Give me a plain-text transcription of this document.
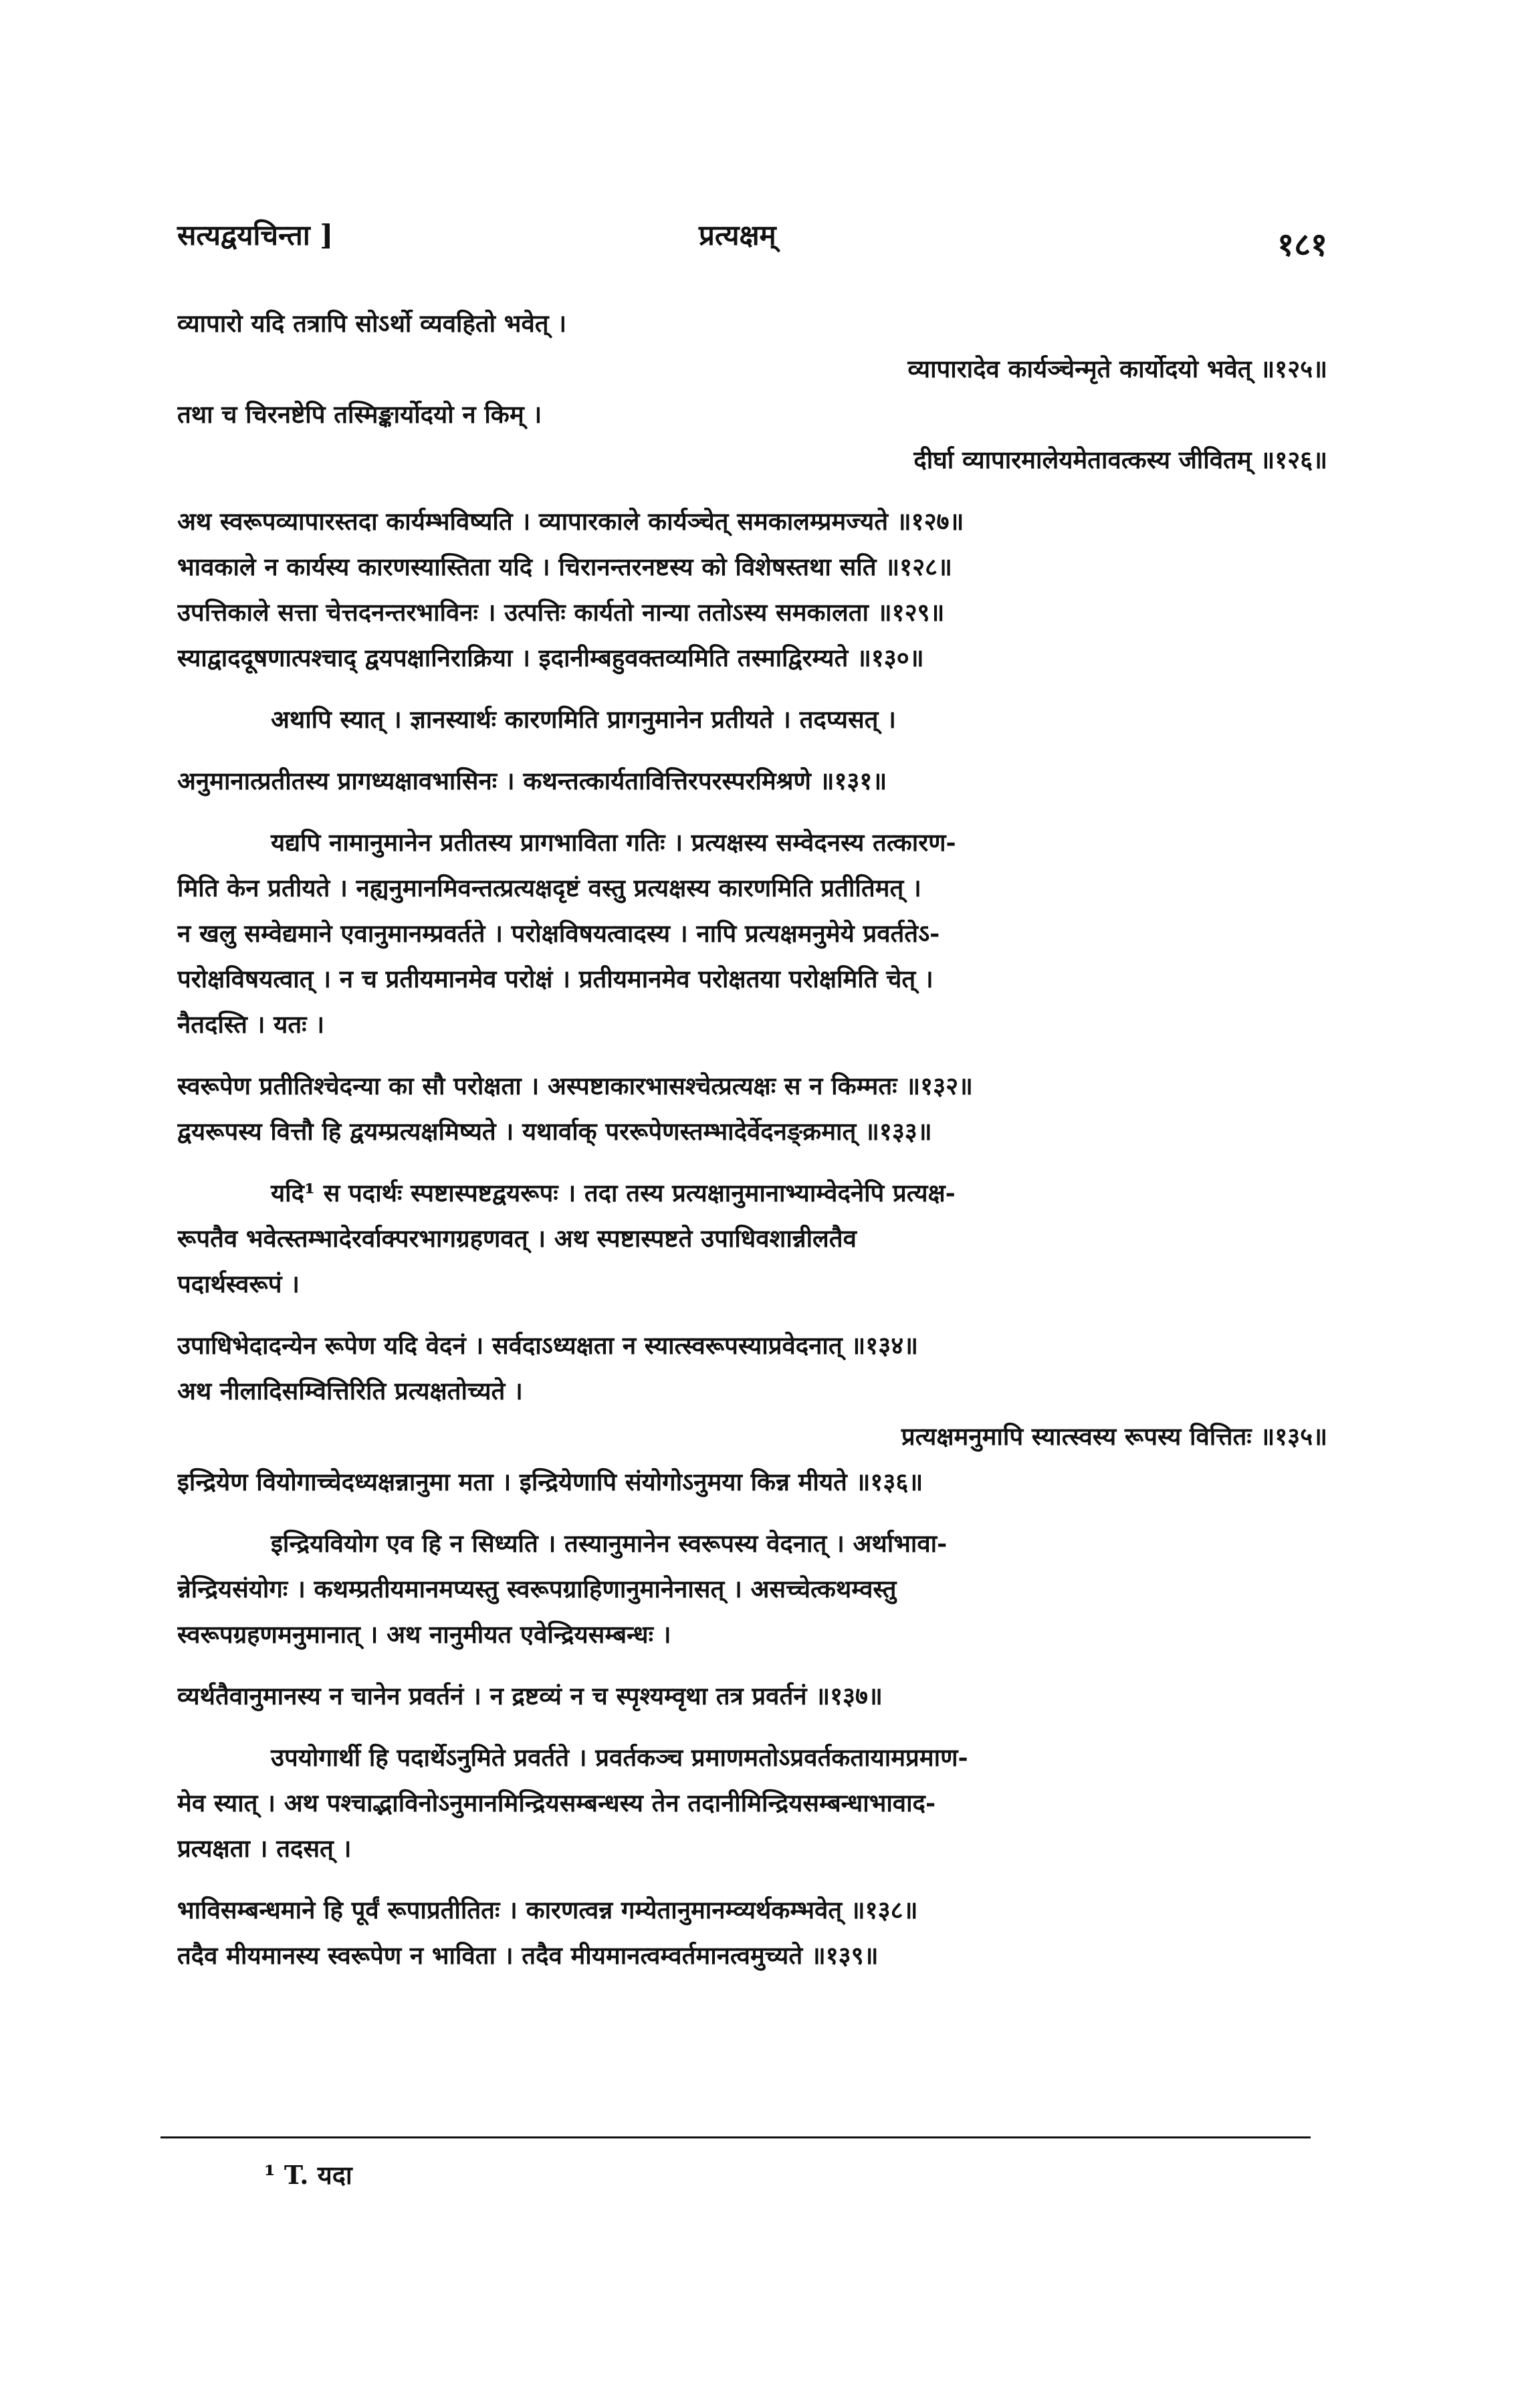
सत्यद्वयचिन्ता ]	प्रत्यक्षम्	१८१
व्यापारो यदि तत्रापि सोऽर्थो व्यवहितो भवेत् ।
व्यापारादेव कार्यञ्चेन्मृते कार्योदयो भवेत् ॥१२५॥
तथा च चिरनष्टेपि तस्मिङ्कार्योदयो न किम् ।
दीर्घा व्यापारमालेयमेतावत्कस्य जीवितम् ॥१२६॥
अथ स्वरूपव्यापारस्तदा कार्यम्भविष्यति । व्यापारकाले कार्यञ्चेत् समकालम्प्रमज्यते ॥१२७॥
भावकाले न कार्यस्य कारणस्यास्तिता यदि । चिरानन्तरनष्टस्य को विशेषस्तथा सति ॥१२८॥
उपत्तिकाले सत्ता चेत्तदनन्तरभाविनः । उत्पत्तिः कार्यतो नान्या ततोऽस्य समकालता ॥१२९॥
स्याद्वाददूषणात्पश्चाद् द्वयपक्षानिराक्रिया । इदानीम्बहुवक्तव्यमिति तस्माद्विरम्यते ॥१३०॥
अथापि स्यात् । ज्ञानस्यार्थः कारणमिति प्रागनुमानेन प्रतीयते । तदप्यसत् ।
अनुमानात्प्रतीतस्य प्रागध्यक्षावभासिनः । कथन्तत्कार्यतावित्तिरपरस्परमिश्रणे ॥१३१॥
यद्यपि नामानुमानेन प्रतीतस्य प्रागभाविता गतिः । प्रत्यक्षस्य सम्वेदनस्य तत्कारण-
मिति केन प्रतीयते । नह्यनुमानमिवन्तत्प्रत्यक्षदृष्टं वस्तु प्रत्यक्षस्य कारणमिति प्रतीतिमत् ।
न खलु सम्वेद्यमाने एवानुमानम्प्रवर्तते । परोक्षविषयत्वादस्य । नापि प्रत्यक्षमनुमेये प्रवर्ततेऽ-
परोक्षविषयत्वात् । न च प्रतीयमानमेव परोक्षं । प्रतीयमानमेव परोक्षतया परोक्षमिति चेत् ।
नैतदस्ति । यतः ।
स्वरूपेण प्रतीतिश्चेदन्या का सौ परोक्षता । अस्पष्टाकारभासश्चेत्प्रत्यक्षः स न किम्मतः ॥१३२॥
द्वयरूपस्य वित्तौ हि द्वयम्प्रत्यक्षमिष्यते । यथार्वाक् पररूपेणस्तम्भादेर्वेदनङ्क्रमात् ॥१३३॥
यदि¹ स पदार्थः स्पष्टास्पष्टद्वयरूपः । तदा तस्य प्रत्यक्षानुमानाभ्याम्वेदनेपि प्रत्यक्ष-
रूपतैव भवेत्स्तम्भादेरर्वाक्परभागग्रहणवत् । अथ स्पष्टास्पष्टते उपाधिवशान्नीलतैव
पदार्थस्वरूपं ।
उपाधिभेदादन्येन रूपेण यदि वेदनं । सर्वदाऽध्यक्षता न स्यात्स्वरूपस्याप्रवेदनात् ॥१३४॥
अथ नीलादिसम्वित्तिरिति प्रत्यक्षतोच्यते ।
प्रत्यक्षमनुमापि स्यात्स्वस्य रूपस्य वित्तितः ॥१३५॥
इन्द्रियेण वियोगाच्चेदध्यक्षन्नानुमा मता । इन्द्रियेणापि संयोगोऽनुमया किन्न मीयते ॥१३६॥
इन्द्रियवियोग एव हि न सिध्यति । तस्यानुमानेन स्वरूपस्य वेदनात् । अर्थाभावा-
न्नेन्द्रियसंयोगः । कथम्प्रतीयमानमप्यस्तु स्वरूपग्राहिणानुमानेनासत् । असच्चेत्कथम्वस्तु
स्वरूपग्रहणमनुमानात् । अथ नानुमीयत एवेन्द्रियसम्बन्धः ।
व्यर्थतैवानुमानस्य न चानेन प्रवर्तनं । न द्रष्टव्यं न च स्पृश्यम्वृथा तत्र प्रवर्तनं ॥१३७॥
उपयोगार्थी हि पदार्थेऽनुमिते प्रवर्तते । प्रवर्तकञ्च प्रमाणमतोऽप्रवर्तकतायामप्रमाण-
मेव स्यात् । अथ पश्चाद्भाविनोऽनुमानमिन्द्रियसम्बन्धस्य तेन तदानीमिन्द्रियसम्बन्धाभावाद-
प्रत्यक्षता । तदसत् ।
भाविसम्बन्धमाने हि पूर्वं रूपाप्रतीतितः । कारणत्वन्न गम्येतानुमानम्व्यर्थकम्भवेत् ॥१३८॥
तदैव मीयमानस्य स्वरूपेण न भाविता । तदैव मीयमानत्वम्वर्तमानत्वमुच्यते ॥१३९॥
¹ T. यदा
